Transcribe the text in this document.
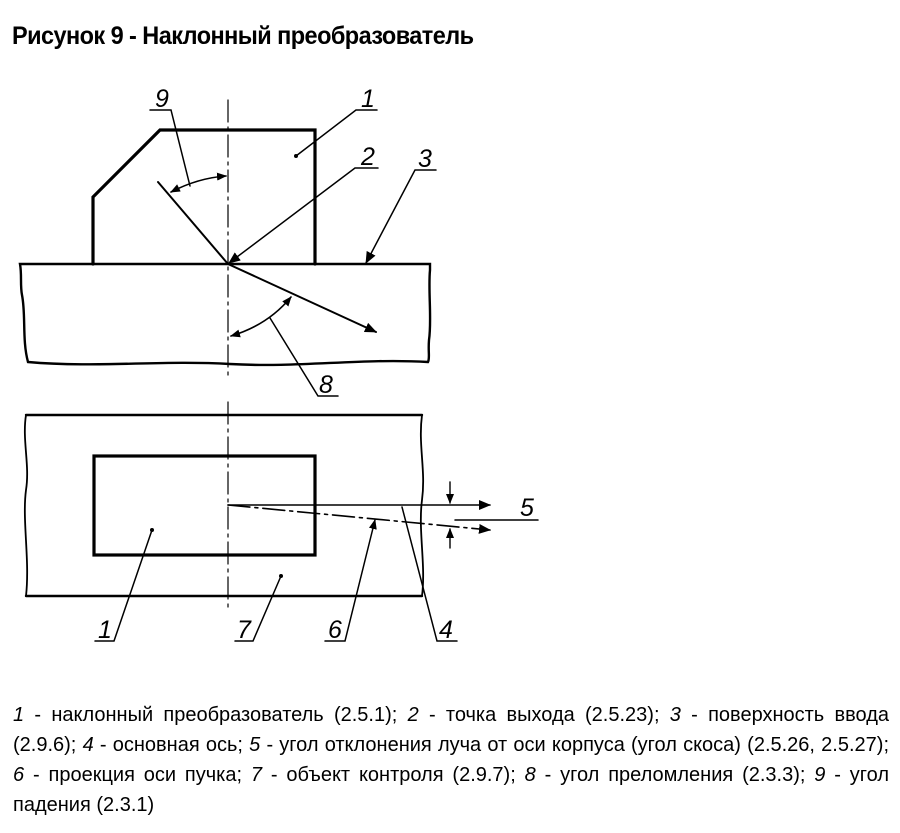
Рисунок 9 - Наклонный преобразователь
1
2 3
9
8
5
1	7	6	4

1 - наклонный преобразователь (2.5.1); 2 - точка выхода (2.5.23); 3 - поверхность ввода (2.9.6); 4 - основная ось; 5 - угол отклонения луча от оси корпуса (угол скоса) (2.5.26, 2.5.27); 6 - проекция оси пучка; 7 - объект контроля (2.9.7); 8 - угол преломления (2.3.3); 9 - угол падения (2.3.1)
